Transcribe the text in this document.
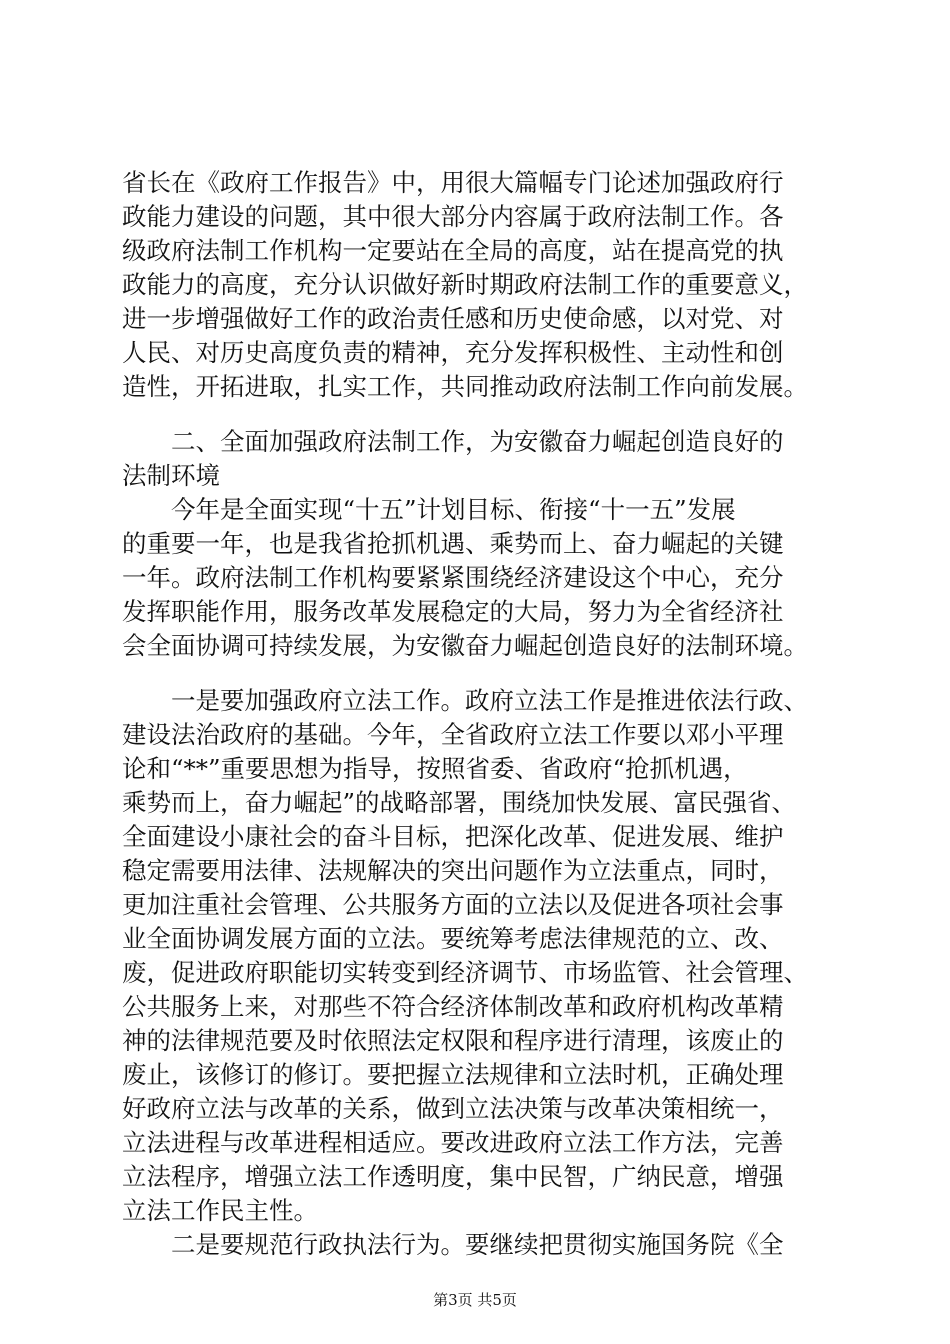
省长在《政府工作报告》中，用很大篇幅专门论述加强政府行
政能力建设的问题，其中很大部分内容属于政府法制工作。各
级政府法制工作机构一定要站在全局的高度，站在提高党的执
政能力的高度，充分认识做好新时期政府法制工作的重要意义，
进一步增强做好工作的政治责任感和历史使命感，以对党、对
人民、对历史高度负责的精神，充分发挥积极性、主动性和创
造性，开拓进取，扎实工作，共同推动政府法制工作向前发展。
　　二、全面加强政府法制工作，为安徽奋力崛起创造良好的
法制环境
　　今年是全面实现“十五”计划目标、衔接“十一五”发展
的重要一年，也是我省抢抓机遇、乘势而上、奋力崛起的关键
一年。政府法制工作机构要紧紧围绕经济建设这个中心，充分
发挥职能作用，服务改革发展稳定的大局，努力为全省经济社
会全面协调可持续发展，为安徽奋力崛起创造良好的法制环境。
　　一是要加强政府立法工作。政府立法工作是推进依法行政、
建设法治政府的基础。今年，全省政府立法工作要以邓小平理
论和“**”重要思想为指导，按照省委、省政府“抢抓机遇，
乘势而上，奋力崛起”的战略部署，围绕加快发展、富民强省、
全面建设小康社会的奋斗目标，把深化改革、促进发展、维护
稳定需要用法律、法规解决的突出问题作为立法重点，同时，
更加注重社会管理、公共服务方面的立法以及促进各项社会事
业全面协调发展方面的立法。要统筹考虑法律规范的立、改、
废，促进政府职能切实转变到经济调节、市场监管、社会管理、
公共服务上来，对那些不符合经济体制改革和政府机构改革精
神的法律规范要及时依照法定权限和程序进行清理，该废止的
废止，该修订的修订。要把握立法规律和立法时机，正确处理
好政府立法与改革的关系，做到立法决策与改革决策相统一，
立法进程与改革进程相适应。要改进政府立法工作方法，完善
立法程序，增强立法工作透明度，集中民智，广纳民意，增强
立法工作民主性。
　　二是要规范行政执法行为。要继续把贯彻实施国务院《全
第3页 共5页
